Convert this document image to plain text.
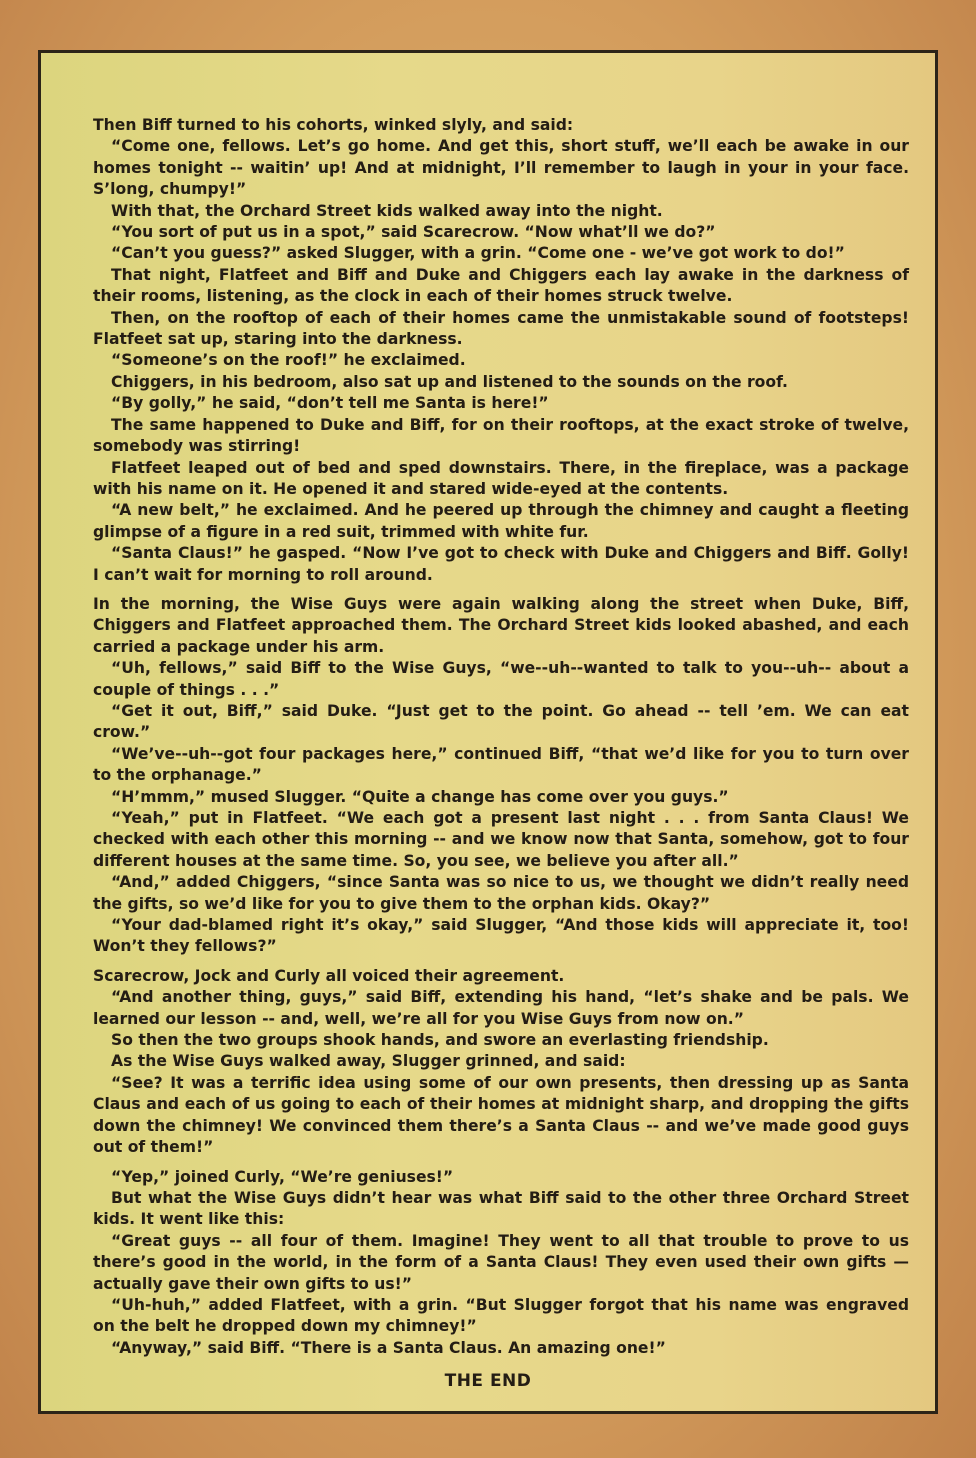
Then Biff turned to his cohorts, winked slyly, and said:

“Come one, fellows. Let’s go home. And get this, short stuff, we’ll each be awake in our homes tonight -- waitin’ up! And at midnight, I’ll remember to laugh in your in your face. S’long, chumpy!”

With that, the Orchard Street kids walked away into the night.

“You sort of put us in a spot,” said Scarecrow. “Now what’ll we do?”

“Can’t you guess?” asked Slugger, with a grin. “Come one - we’ve got work to do!”

That night, Flatfeet and Biff and Duke and Chiggers each lay awake in the darkness of their rooms, listening, as the clock in each of their homes struck twelve.

Then, on the rooftop of each of their homes came the unmistakable sound of footsteps! Flatfeet sat up, staring into the darkness.

“Someone’s on the roof!” he exclaimed.

Chiggers, in his bedroom, also sat up and listened to the sounds on the roof.

“By golly,” he said, “don’t tell me Santa is here!”

The same happened to Duke and Biff, for on their rooftops, at the exact stroke of twelve, somebody was stirring!

Flatfeet leaped out of bed and sped downstairs. There, in the fireplace, was a package with his name on it. He opened it and stared wide-eyed at the contents.

“A new belt,” he exclaimed. And he peered up through the chimney and caught a fleeting glimpse of a figure in a red suit, trimmed with white fur.

“Santa Claus!” he gasped. “Now I’ve got to check with Duke and Chiggers and Biff. Golly! I can’t wait for morning to roll around.

In the morning, the Wise Guys were again walking along the street when Duke, Biff, Chiggers and Flatfeet approached them. The Orchard Street kids looked abashed, and each carried a package under his arm.

“Uh, fellows,” said Biff to the Wise Guys, “we--uh--wanted to talk to you--uh-- about a couple of things . . .”

“Get it out, Biff,” said Duke. “Just get to the point. Go ahead -- tell ’em. We can eat crow.”

“We’ve--uh--got four packages here,” continued Biff, “that we’d like for you to turn over to the orphanage.”

“H’mmm,” mused Slugger. “Quite a change has come over you guys.”

“Yeah,” put in Flatfeet. “We each got a present last night . . . from Santa Claus! We checked with each other this morning -- and we know now that Santa, somehow, got to four different houses at the same time. So, you see, we believe you after all.”

“And,” added Chiggers, “since Santa was so nice to us, we thought we didn’t really need the gifts, so we’d like for you to give them to the orphan kids. Okay?”

“Your dad-blamed right it’s okay,” said Slugger, “And those kids will appreciate it, too! Won’t they fellows?”

Scarecrow, Jock and Curly all voiced their agreement.

“And another thing, guys,” said Biff, extending his hand, “let’s shake and be pals. We learned our lesson -- and, well, we’re all for you Wise Guys from now on.”

So then the two groups shook hands, and swore an everlasting friendship.

As the Wise Guys walked away, Slugger grinned, and said:

“See? It was a terrific idea using some of our own presents, then dressing up as Santa Claus and each of us going to each of their homes at midnight sharp, and dropping the gifts down the chimney! We convinced them there’s a Santa Claus -- and we’ve made good guys out of them!”

“Yep,” joined Curly, “We’re geniuses!”

But what the Wise Guys didn’t hear was what Biff said to the other three Orchard Street kids. It went like this:

“Great guys -- all four of them. Imagine! They went to all that trouble to prove to us there’s good in the world, in the form of a Santa Claus! They even used their own gifts — actually gave their own gifts to us!”

“Uh-huh,” added Flatfeet, with a grin. “But Slugger forgot that his name was engraved on the belt he dropped down my chimney!”

“Anyway,” said Biff. “There is a Santa Claus. An amazing one!”

THE END
